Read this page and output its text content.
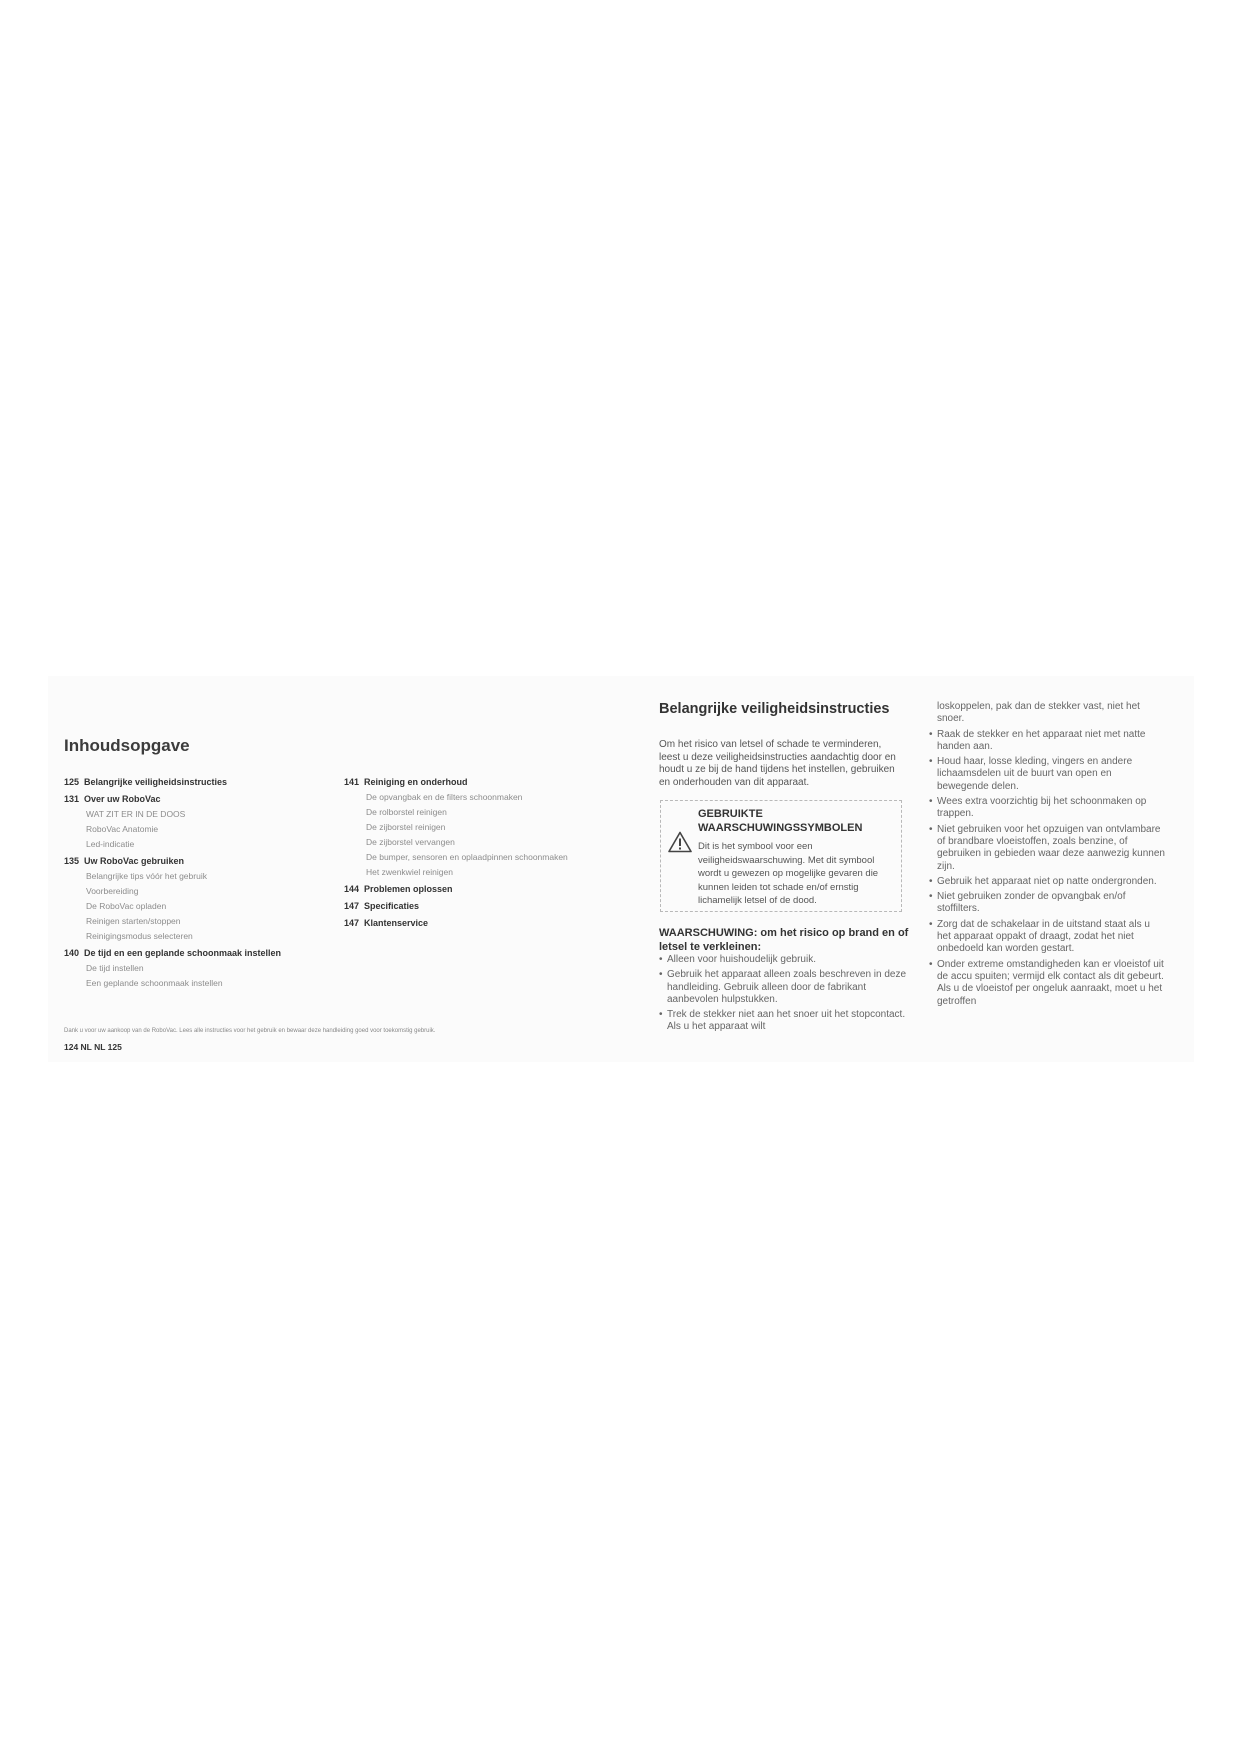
Inhoudsopgave
125 Belangrijke veiligheidsinstructies
131 Over uw RoboVac
WAT ZIT ER IN DE DOOS
RoboVac Anatomie
Led-indicatie
135 Uw RoboVac gebruiken
Belangrijke tips vóór het gebruik
Voorbereiding
De RoboVac opladen
Reinigen starten/stoppen
Reinigingsmodus selecteren
140 De tijd en een geplande schoonmaak instellen
De tijd instellen
Een geplande schoonmaak instellen
141 Reiniging en onderhoud
De opvangbak en de filters schoonmaken
De rolborstel reinigen
De zijborstel reinigen
De zijborstel vervangen
De bumper, sensoren en oplaadpinnen schoonmaken
Het zwenkwiel reinigen
144 Problemen oplossen
147 Specificaties
147 Klantenservice
Dank u voor uw aankoop van de RoboVac. Lees alle instructies voor het gebruik en bewaar deze handleiding goed voor toekomstig gebruik.
124 NL NL 125
Belangrijke veiligheidsinstructies

Om het risico van letsel of schade te verminderen, leest u deze veiligheidsinstructies aandachtig door en houdt u ze bij de hand tijdens het instellen, gebruiken en onderhouden van dit apparaat.

GEBRUIKTE WAARSCHUWINGSSYMBOLEN
Dit is het symbool voor een veiligheidswaarschuwing. Met dit symbool wordt u gewezen op mogelijke gevaren die kunnen leiden tot schade en/of ernstig lichamelijk letsel of de dood.
WAARSCHUWING: om het risico op brand en of letsel te verkleinen:
• Alleen voor huishoudelijk gebruik.
• Gebruik het apparaat alleen zoals beschreven in deze handleiding. Gebruik alleen door de fabrikant aanbevolen hulpstukken.
• Trek de stekker niet aan het snoer uit het stopcontact. Als u het apparaat wilt

loskoppelen, pak dan de stekker vast, niet het snoer.

• Raak de stekker en het apparaat niet met natte handen aan.
• Houd haar, losse kleding, vingers en andere lichaamsdelen uit de buurt van open en bewegende delen.
• Wees extra voorzichtig bij het schoonmaken op trappen.
• Niet gebruiken voor het opzuigen van ontvlambare of brandbare vloeistoffen, zoals benzine, of gebruiken in gebieden waar deze aanwezig kunnen zijn.
• Gebruik het apparaat niet op natte ondergronden.
• Niet gebruiken zonder de opvangbak en/of stoffilters.
• Zorg dat de schakelaar in de uitstand staat als u het apparaat oppakt of draagt, zodat het niet onbedoeld kan worden gestart.
• Onder extreme omstandigheden kan er vloeistof uit de accu spuiten; vermijd elk contact als dit gebeurt. Als u de vloeistof per ongeluk aanraakt, moet u het getroffen
